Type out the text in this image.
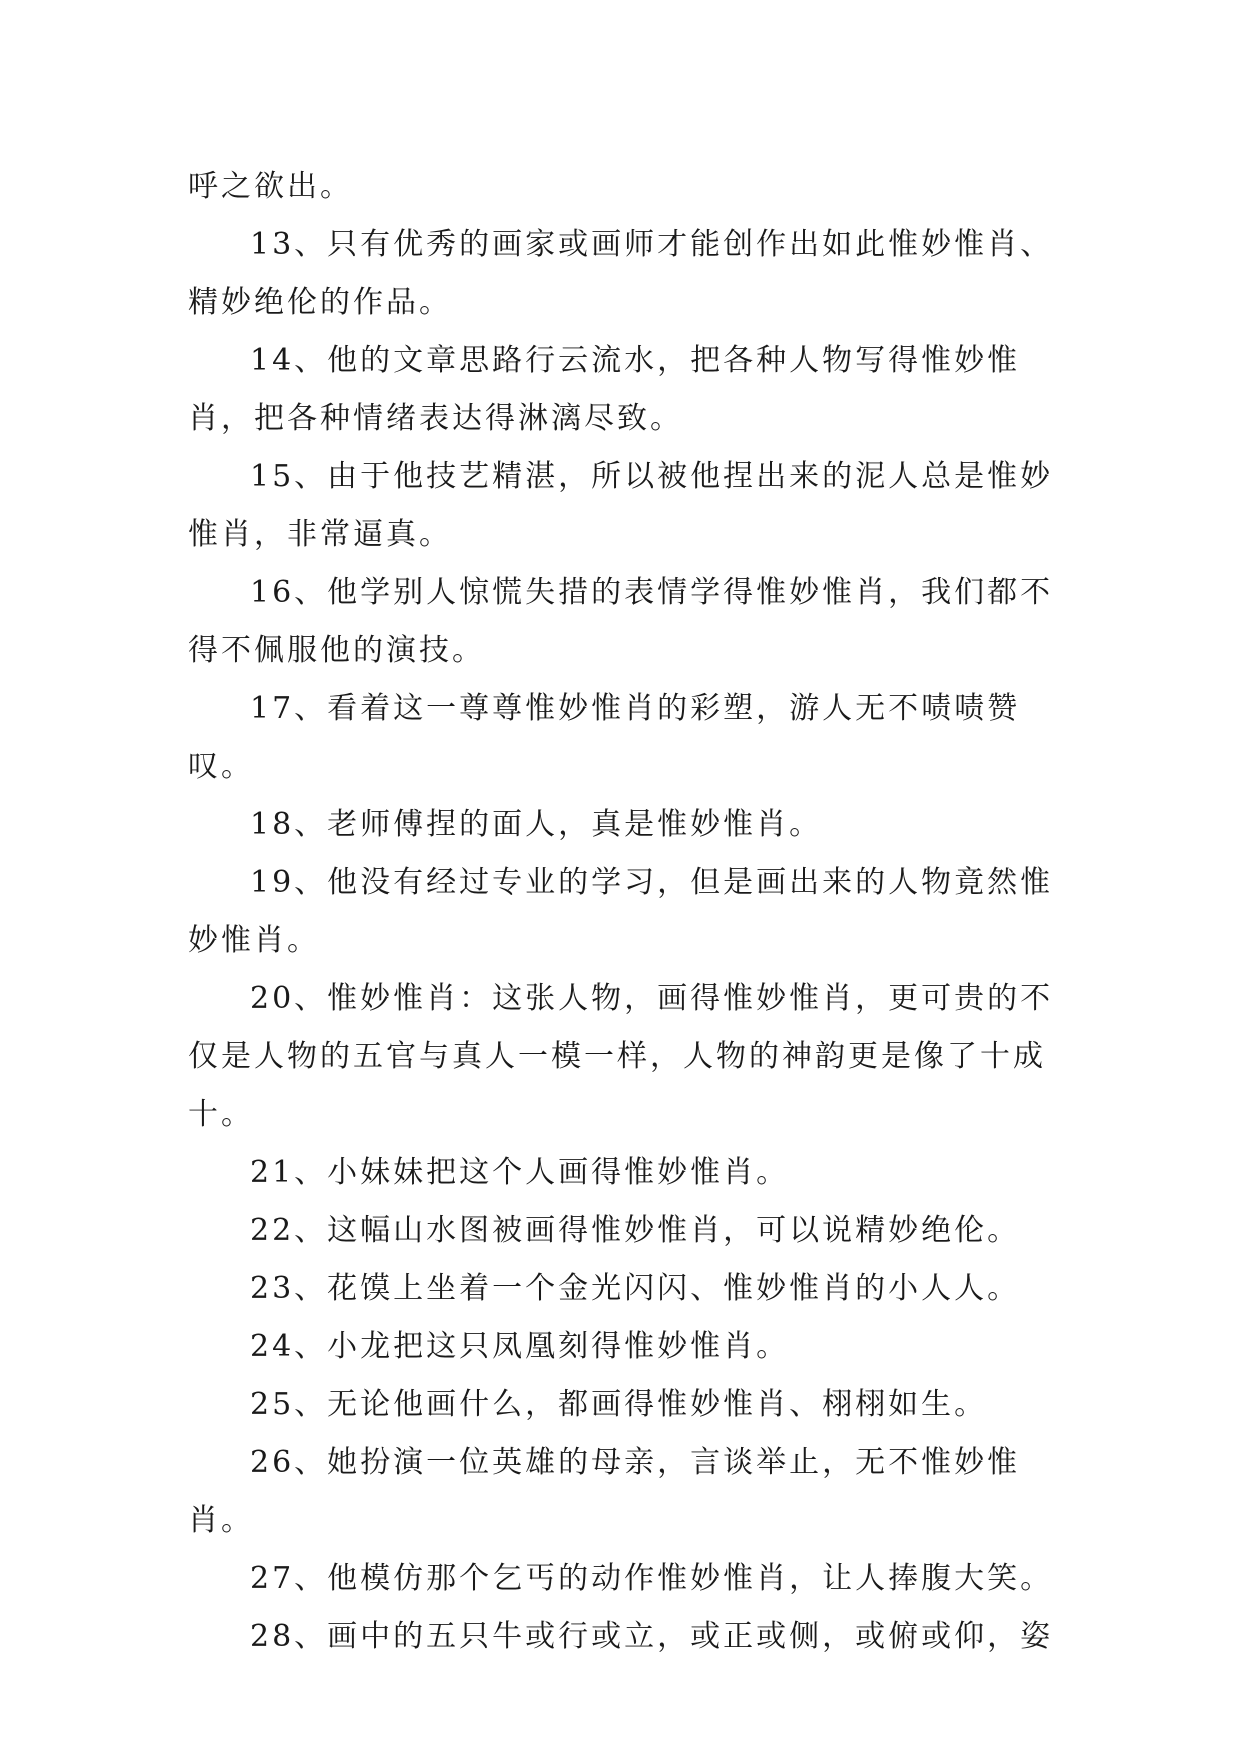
呼之欲出。

13、只有优秀的画家或画师才能创作出如此惟妙惟肖、精妙绝伦的作品。

14、他的文章思路行云流水，把各种人物写得惟妙惟肖，把各种情绪表达得淋漓尽致。

15、由于他技艺精湛，所以被他捏出来的泥人总是惟妙惟肖，非常逼真。

16、他学别人惊慌失措的表情学得惟妙惟肖，我们都不得不佩服他的演技。

17、看着这一尊尊惟妙惟肖的彩塑，游人无不啧啧赞叹。

18、老师傅捏的面人，真是惟妙惟肖。

19、他没有经过专业的学习，但是画出来的人物竟然惟妙惟肖。

20、惟妙惟肖：这张人物，画得惟妙惟肖，更可贵的不仅是人物的五官与真人一模一样，人物的神韵更是像了十成十。

21、小妹妹把这个人画得惟妙惟肖。

22、这幅山水图被画得惟妙惟肖，可以说精妙绝伦。

23、花馍上坐着一个金光闪闪、惟妙惟肖的小人人。

24、小龙把这只凤凰刻得惟妙惟肖。

25、无论他画什么，都画得惟妙惟肖、栩栩如生。

26、她扮演一位英雄的母亲，言谈举止，无不惟妙惟肖。

27、他模仿那个乞丐的动作惟妙惟肖，让人捧腹大笑。

28、画中的五只牛或行或立，或正或侧，或俯或仰，姿
